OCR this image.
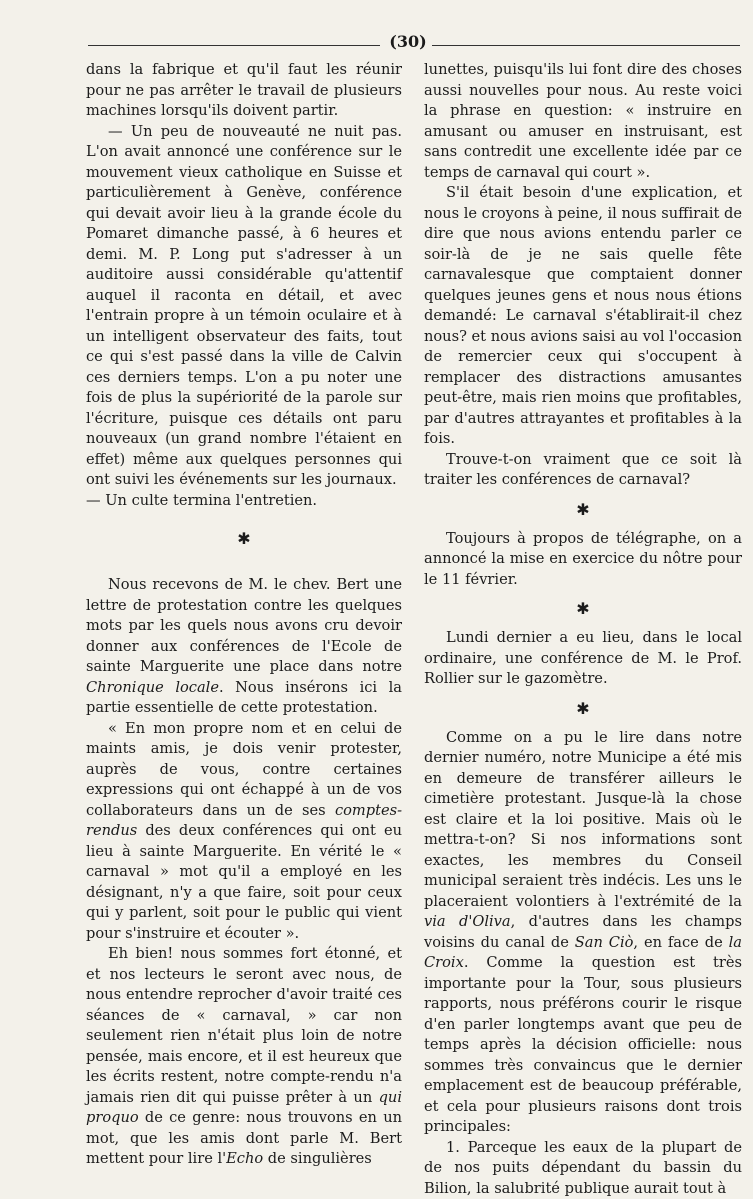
(30)

dans la fabrique et qu'il faut les réunir pour ne pas arrêter le travail de plusieurs machines lorsqu'ils doivent partir.

— Un peu de nouveauté ne nuit pas. L'on avait annoncé une conférence sur le mouvement vieux catholique en Suisse et particulièrement à Genève, conférence qui devait avoir lieu à la grande école du Pomaret dimanche passé, à 6 heures et demi. M. P. Long put s'adresser à un auditoire aussi considérable qu'attentif auquel il raconta en détail, et avec l'entrain propre à un témoin oculaire et à un intelligent observateur des faits, tout ce qui s'est passé dans la ville de Calvin ces derniers temps. L'on a pu noter une fois de plus la supériorité de la parole sur l'écriture, puisque ces détails ont paru nouveaux (un grand nombre l'étaient en effet) même aux quelques personnes qui ont suivi les événements sur les journaux.

— Un culte termina l'entretien.

✱

Nous recevons de M. le chev. Bert une lettre de protestation contre les quelques mots par les quels nous avons cru devoir donner aux conférences de l'Ecole de sainte Marguerite une place dans notre Chronique locale. Nous insérons ici la partie essentielle de cette protestation.

« En mon propre nom et en celui de maints amis, je dois venir protester, auprès de vous, contre certaines expressions qui ont échappé à un de vos collaborateurs dans un de ses comptes-rendus des deux conférences qui ont eu lieu à sainte Marguerite. En vérité le « carnaval » mot qu'il a employé en les désignant, n'y a que faire, soit pour ceux qui y parlent, soit pour le public qui vient pour s'instruire et écouter ».

Eh bien! nous sommes fort étonné, et et nos lecteurs le seront avec nous, de nous entendre reprocher d'avoir traité ces séances de « carnaval, » car non seulement rien n'était plus loin de notre pensée, mais encore, et il est heureux que les écrits restent, notre compte-rendu n'a jamais rien dit qui puisse prêter à un qui proquo de ce genre: nous trouvons en un mot, que les amis dont parle M. Bert mettent pour lire l'Echo de singulières

lunettes, puisqu'ils lui font dire des choses aussi nouvelles pour nous. Au reste voici la phrase en question: « instruire en amusant ou amuser en instruisant, est sans contredit une excellente idée par ce temps de carnaval qui court ».

S'il était besoin d'une explication, et nous le croyons à peine, il nous suffirait de dire que nous avions entendu parler ce soir-là de je ne sais quelle fête carnavalesque que comptaient donner quelques jeunes gens et nous nous étions demandé: Le carnaval s'établirait-il chez nous? et nous avions saisi au vol l'occasion de remercier ceux qui s'occupent à remplacer des distractions amusantes peut-être, mais rien moins que profitables, par d'autres attrayantes et profitables à la fois.

Trouve-t-on vraiment que ce soit là traiter les conférences de carnaval?

✱

Toujours à propos de télégraphe, on a annoncé la mise en exercice du nôtre pour le 11 février.

✱

Lundi dernier a eu lieu, dans le local ordinaire, une conférence de M. le Prof. Rollier sur le gazomètre.

✱

Comme on a pu le lire dans notre dernier numéro, notre Municipe a été mis en demeure de transférer ailleurs le cimetière protestant. Jusque-là la chose est claire et la loi positive. Mais où le mettra-t-on? Si nos informations sont exactes, les membres du Conseil municipal seraient très indécis. Les uns le placeraient volontiers à l'extrémité de la via d'Oliva, d'autres dans les champs voisins du canal de San Ciò, en face de la Croix. Comme la question est très importante pour la Tour, sous plusieurs rapports, nous préférons courir le risque d'en parler longtemps avant que peu de temps après la décision officielle: nous sommes très convaincus que le dernier emplacement est de beaucoup préférable, et cela pour plusieurs raisons dont trois principales:

1. Parceque les eaux de la plupart de de nos puits dépendant du bassin du Bilion, la salubrité publique aurait tout à
